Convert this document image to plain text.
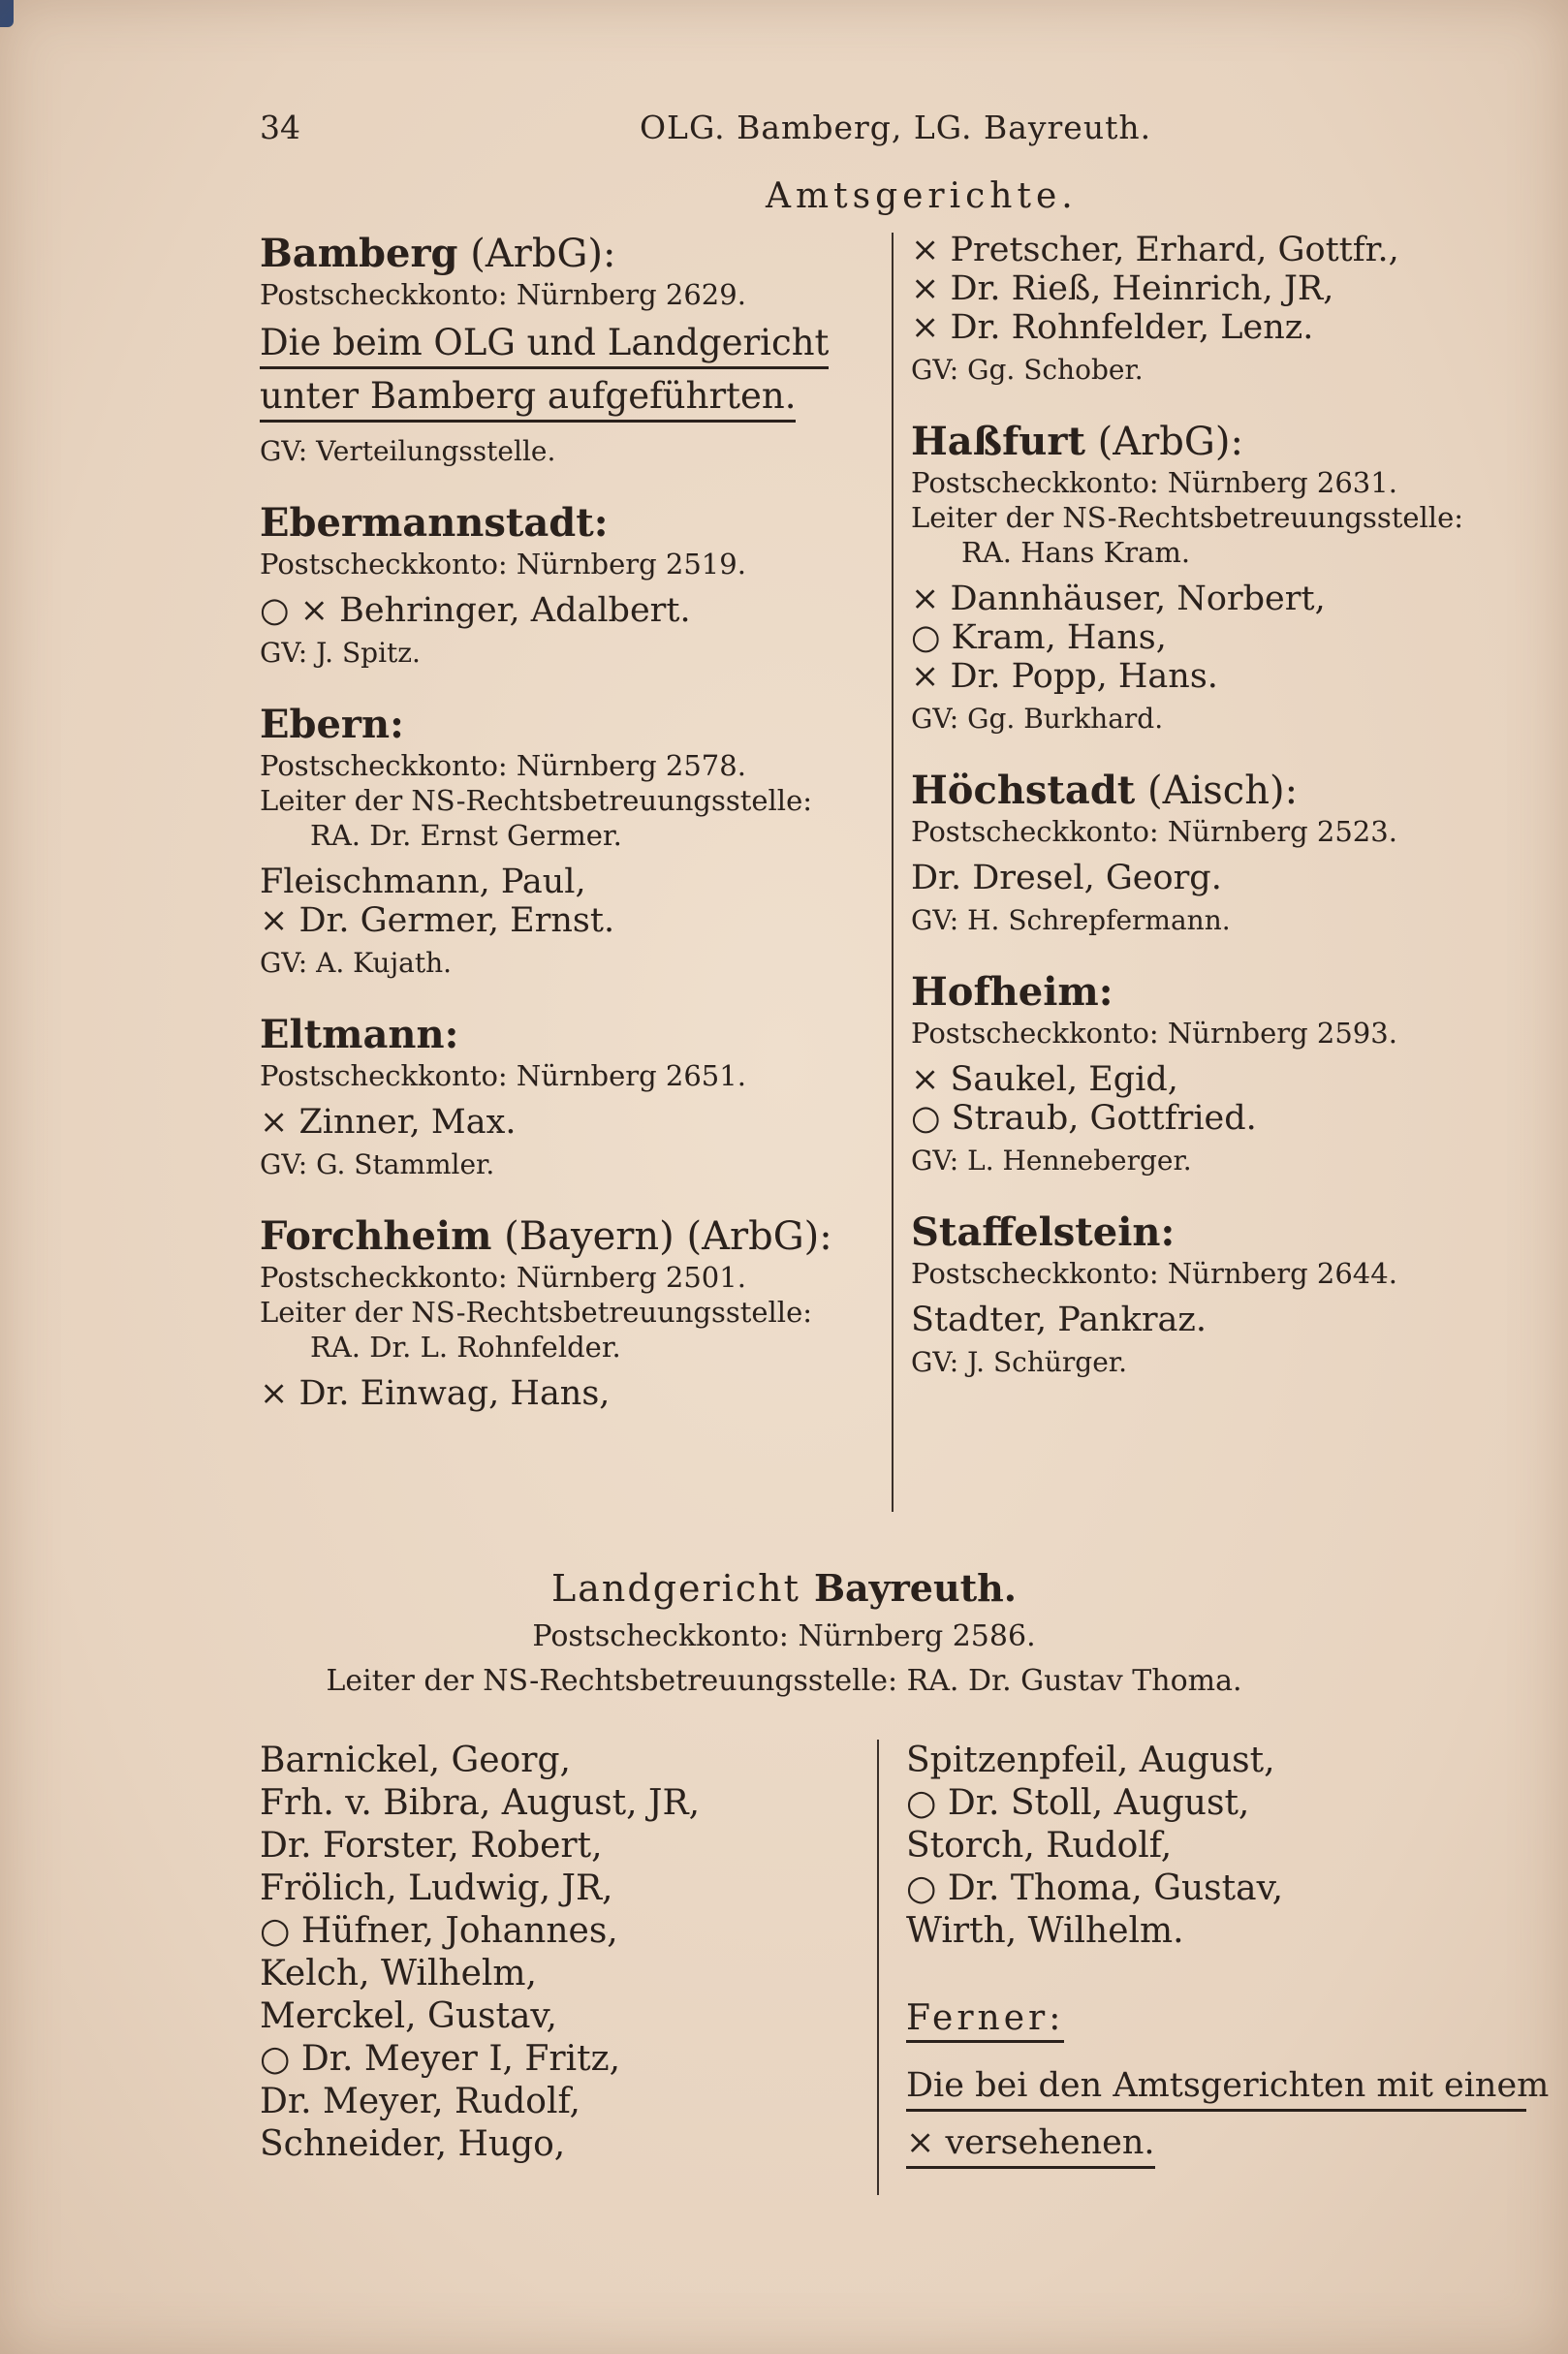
34	OLG. Bamberg, LG. Bayreuth.
Amtsgerichte.
Bamberg (ArbG):
Postscheckkonto: Nürnberg 2629.
Die beim OLG und Landgericht
unter Bamberg aufgeführten.
GV: Verteilungsstelle.
Ebermannstadt:
Postscheckkonto: Nürnberg 2519.
○ × Behringer, Adalbert.
GV: J. Spitz.
Ebern:
Postscheckkonto: Nürnberg 2578.
Leiter der NS-Rechtsbetreuungsstelle:
RA. Dr. Ernst Germer.
Fleischmann, Paul,
× Dr. Germer, Ernst.
GV: A. Kujath.
Eltmann:
Postscheckkonto: Nürnberg 2651.
× Zinner, Max.
GV: G. Stammler.
Forchheim (Bayern) (ArbG):
Postscheckkonto: Nürnberg 2501.
Leiter der NS-Rechtsbetreuungsstelle:
RA. Dr. L. Rohnfelder.
× Dr. Einwag, Hans,
× Pretscher, Erhard, Gottfr.,
× Dr. Rieß, Heinrich, JR,
× Dr. Rohnfelder, Lenz.
GV: Gg. Schober.
Haßfurt (ArbG):
Postscheckkonto: Nürnberg 2631.
Leiter der NS-Rechtsbetreuungsstelle:
RA. Hans Kram.
× Dannhäuser, Norbert,
○ Kram, Hans,
× Dr. Popp, Hans.
GV: Gg. Burkhard.
Höchstadt (Aisch):
Postscheckkonto: Nürnberg 2523.
Dr. Dresel, Georg.
GV: H. Schrepfermann.
Hofheim:
Postscheckkonto: Nürnberg 2593.
× Saukel, Egid,
○ Straub, Gottfried.
GV: L. Henneberger.
Staffelstein:
Postscheckkonto: Nürnberg 2644.
Stadter, Pankraz.
GV: J. Schürger.
Landgericht Bayreuth.
Postscheckkonto: Nürnberg 2586.
Leiter der NS-Rechtsbetreuungsstelle: RA. Dr. Gustav Thoma.
Barnickel, Georg,
Frh. v. Bibra, August, JR,
Dr. Forster, Robert,
Frölich, Ludwig, JR,
○ Hüfner, Johannes,
Kelch, Wilhelm,
Merckel, Gustav,
○ Dr. Meyer I, Fritz,
Dr. Meyer, Rudolf,
Schneider, Hugo,
Spitzenpfeil, August,
○ Dr. Stoll, August,
Storch, Rudolf,
○ Dr. Thoma, Gustav,
Wirth, Wilhelm.
Ferner:
Die bei den Amtsgerichten mit einem
× versehenen.
